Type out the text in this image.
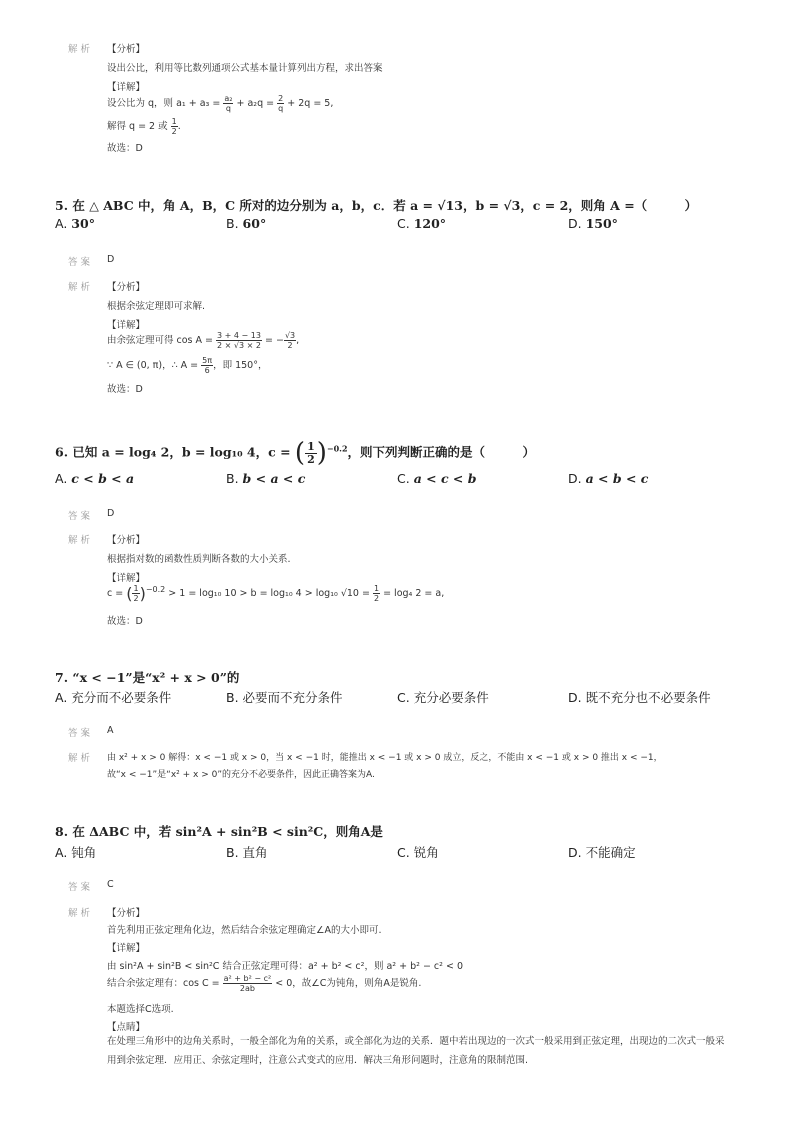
解析 【分析】
设出公比，利用等比数列通项公式基本量计算列出方程，求出答案
【详解】
设公比为 q，则 $a_1 + a_3 = \frac{\text{a₂}}{q} + a_2q = \frac{2}{q} + 2q = 5$,
解得 q = 2 或 $\frac{1}{2}$ .
故选：D
5. 在 △ ABC 中，角 A，B，C 所对的边分别为 a，b，c．若 a = √13，b = √3，c = 2，则角 A =（　　　）
A. 30°	B. 60°	C. 120°	D. 150°
答案 D
解析 【分析】
根据余弦定理即可求解.
【详解】
由余弦定理可得 $\cos A = \frac{3 + 4 - 13}{2 \times √3 \times 2}$ = − $\frac{√3}{2}$ ,
∵ A ∈ (0, π)，∴ $A = \frac{5\pi}{6}$ ，即 150°，
故选：D
6. 已知 a = log₄ 2，b = log₁₀ 4，c = ( $\frac{1}{2} )^{-0.2}$，则下列判断正确的是（　　　）
A. c < b < a	B. b < a < c	C. a < c < b	D. a < b < c
答案 D
解析 【分析】
根据指对数的函数性质判断各数的大小关系.
【详解】
c = ( $\frac{1}{2} )^{-0.2} > 1 = \log_{10}$ 10 > b = log₁₀ 4 > log₁₀ $√10 = \frac{1}{2} = \log_4$ 2 = a,
故选：D
7. “x < −1”是“x² + x > 0”的
A. 充分而不必要条件	B. 必要而不充分条件	C. 充分必要条件	D. 既不充分也不必要条件
答案 A
解析 由 x² + x > 0 解得：x < −1 或 x > 0，当 x < −1 时，能推出 x < −1 或 x > 0 成立，反之，不能由 x < −1 或 x > 0 推出 x < −1，
故“x < −1”是“x² + x > 0”的充分不必要条件，因此正确答案为A.
8. 在 ΔABC 中，若 sin²A + sin²B < sin²C，则角A是
A. 钝角	B. 直角	C. 锐角	D. 不能确定
答案 C
解析 【分析】
首先利用正弦定理角化边，然后结合余弦定理确定∠A的大小即可.
【详解】
由 sin²A + sin²B < sin²C 结合正弦定理可得：a² + b² < c²，则 a² + b² − c² < 0
结合余弦定理有：$\cos C = \frac{\text{a² + b² − c²}}{2ab} < 0$，故∠C为钝角，则角A是锐角.
本题选择C选项.
【点睛】
在处理三角形中的边角关系时，一般全部化为角的关系，或全部化为边的关系．题中若出现边的一次式一般采用到正弦定理，出现边的二次式一般采用到余弦定理．应用正、余弦定理时，注意公式变式的应用．解决三角形问题时，注意角的限制范围.
